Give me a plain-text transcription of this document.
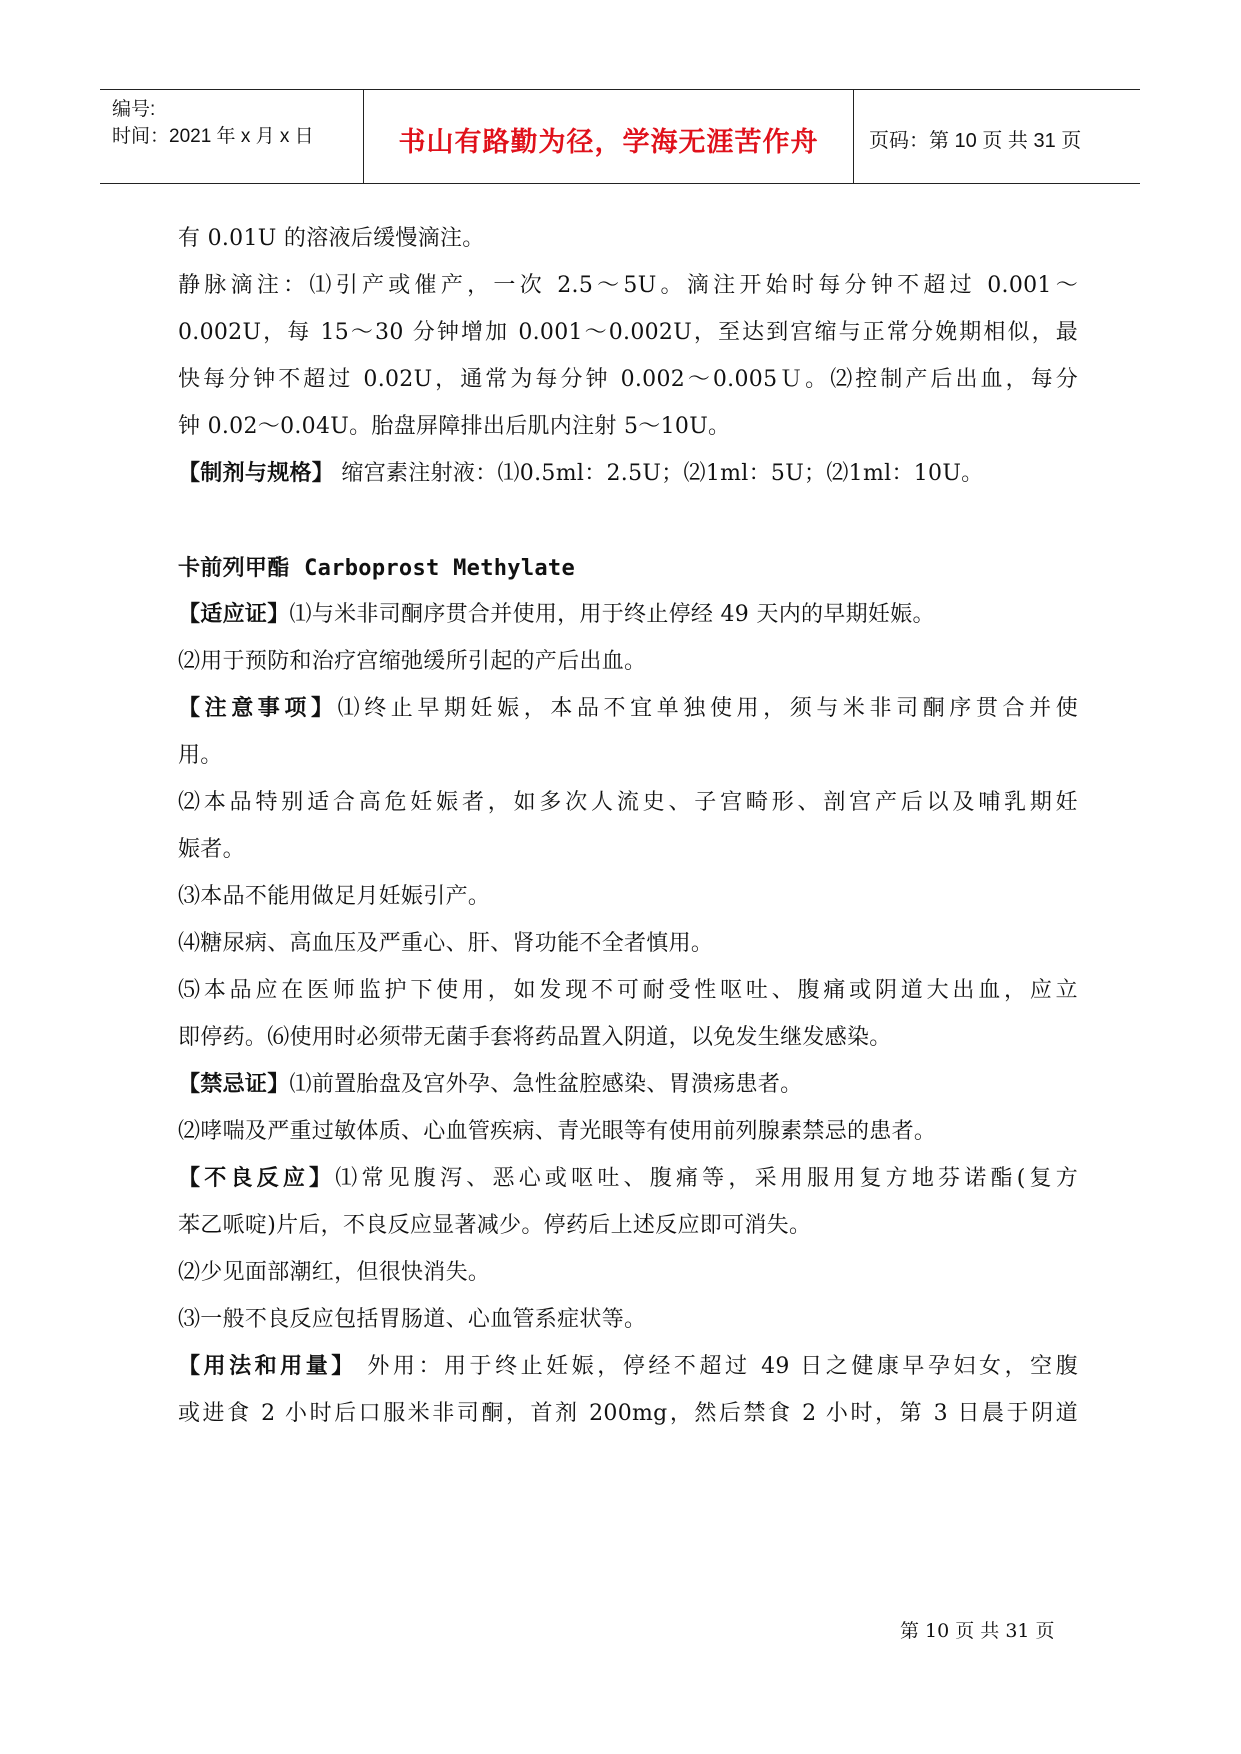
编号:
时间：2021 年 x 月 x 日	书山有路勤为径，学海无涯苦作舟	页码：第 10 页 共 31 页
有 0.01U 的溶液后缓慢滴注。
静脉滴注：⑴引产或催产，一次 2.5～5U。滴注开始时每分钟不超过 0.001～
0.002U，每 15～30 分钟增加 0.001～0.002U，至达到宫缩与正常分娩期相似，最
快每分钟不超过 0.02U，通常为每分钟 0.002～0.005Ｕ。⑵控制产后出血，每分
钟 0.02～0.04U。胎盘屏障排出后肌内注射 5～10U。
【制剂与规格】 缩宫素注射液：⑴0.5ml：2.5U；⑵1ml：5U；⑵1ml：10U。
卡前列甲酯 Carboprost Methylate
【适应证】⑴与米非司酮序贯合并使用，用于终止停经 49 天内的早期妊娠。
⑵用于预防和治疗宫缩弛缓所引起的产后出血。
【注意事项】⑴终止早期妊娠，本品不宜单独使用，须与米非司酮序贯合并使
用。
⑵本品特别适合高危妊娠者，如多次人流史、子宫畸形、剖宫产后以及哺乳期妊
娠者。
⑶本品不能用做足月妊娠引产。
⑷糖尿病、高血压及严重心、肝、肾功能不全者慎用。
⑸本品应在医师监护下使用，如发现不可耐受性呕吐、腹痛或阴道大出血，应立
即停药。⑹使用时必须带无菌手套将药品置入阴道，以免发生继发感染。
【禁忌证】⑴前置胎盘及宫外孕、急性盆腔感染、胃溃疡患者。
⑵哮喘及严重过敏体质、心血管疾病、青光眼等有使用前列腺素禁忌的患者。
【不良反应】⑴常见腹泻、恶心或呕吐、腹痛等，采用服用复方地芬诺酯(复方
苯乙哌啶)片后，不良反应显著减少。停药后上述反应即可消失。
⑵少见面部潮红，但很快消失。
⑶一般不良反应包括胃肠道、心血管系症状等。
【用法和用量】 外用：用于终止妊娠，停经不超过 49 日之健康早孕妇女，空腹
或进食 2 小时后口服米非司酮，首剂 200mg，然后禁食 2 小时，第 3 日晨于阴道
第 10 页 共 31 页
